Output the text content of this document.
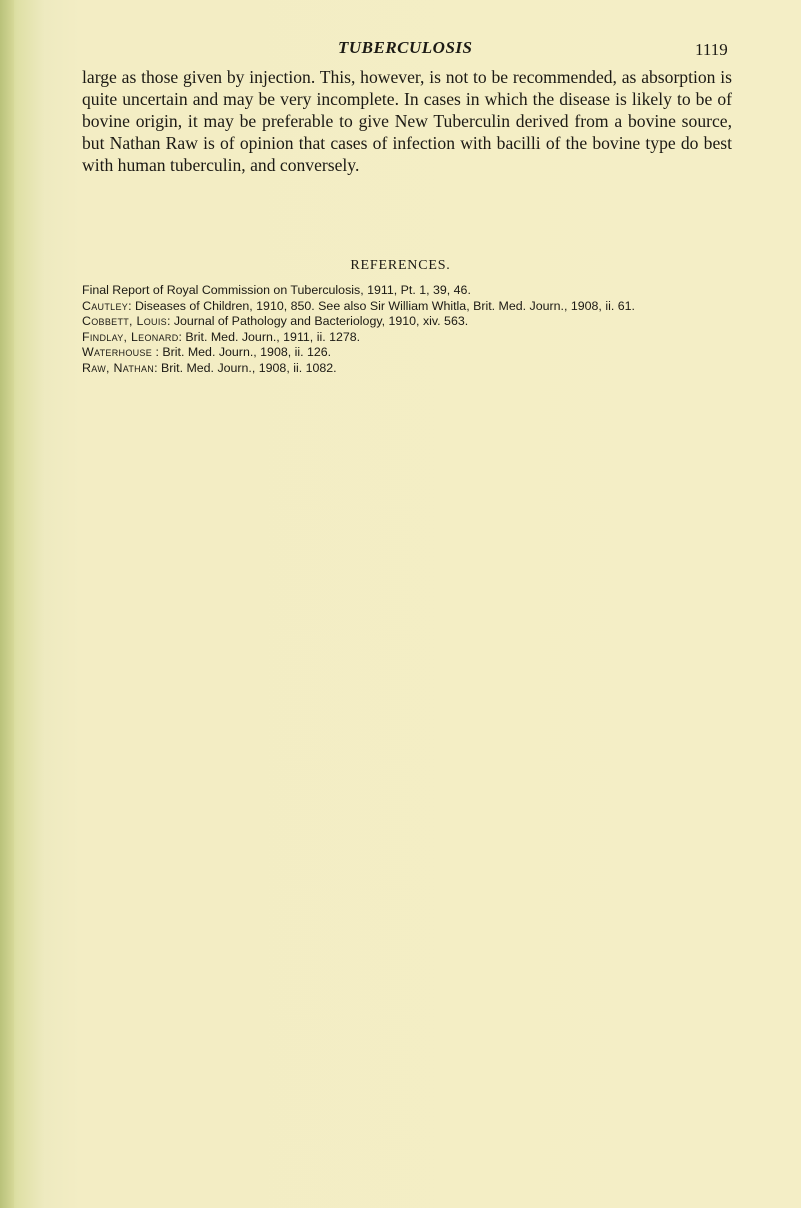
TUBERCULOSIS	1119

large as those given by injection. This, however, is not to be recommended, as absorption is quite uncertain and may be very incomplete. In cases in which the disease is likely to be of bovine origin, it may be preferable to give New Tuberculin derived from a bovine source, but Nathan Raw is of opinion that cases of infection with bacilli of the bovine type do best with human tuberculin, and conversely.

REFERENCES.

Final Report of Royal Commission on Tuberculosis, 1911, Pt. 1, 39, 46.

Cautley: Diseases of Children, 1910, 850. See also Sir William Whitla, Brit. Med. Journ., 1908, ii. 61.

Cobbett, Louis: Journal of Pathology and Bacteriology, 1910, xiv. 563.

Findlay, Leonard: Brit. Med. Journ., 1911, ii. 1278.

Waterhouse : Brit. Med. Journ., 1908, ii. 126.

Raw, Nathan: Brit. Med. Journ., 1908, ii. 1082.
